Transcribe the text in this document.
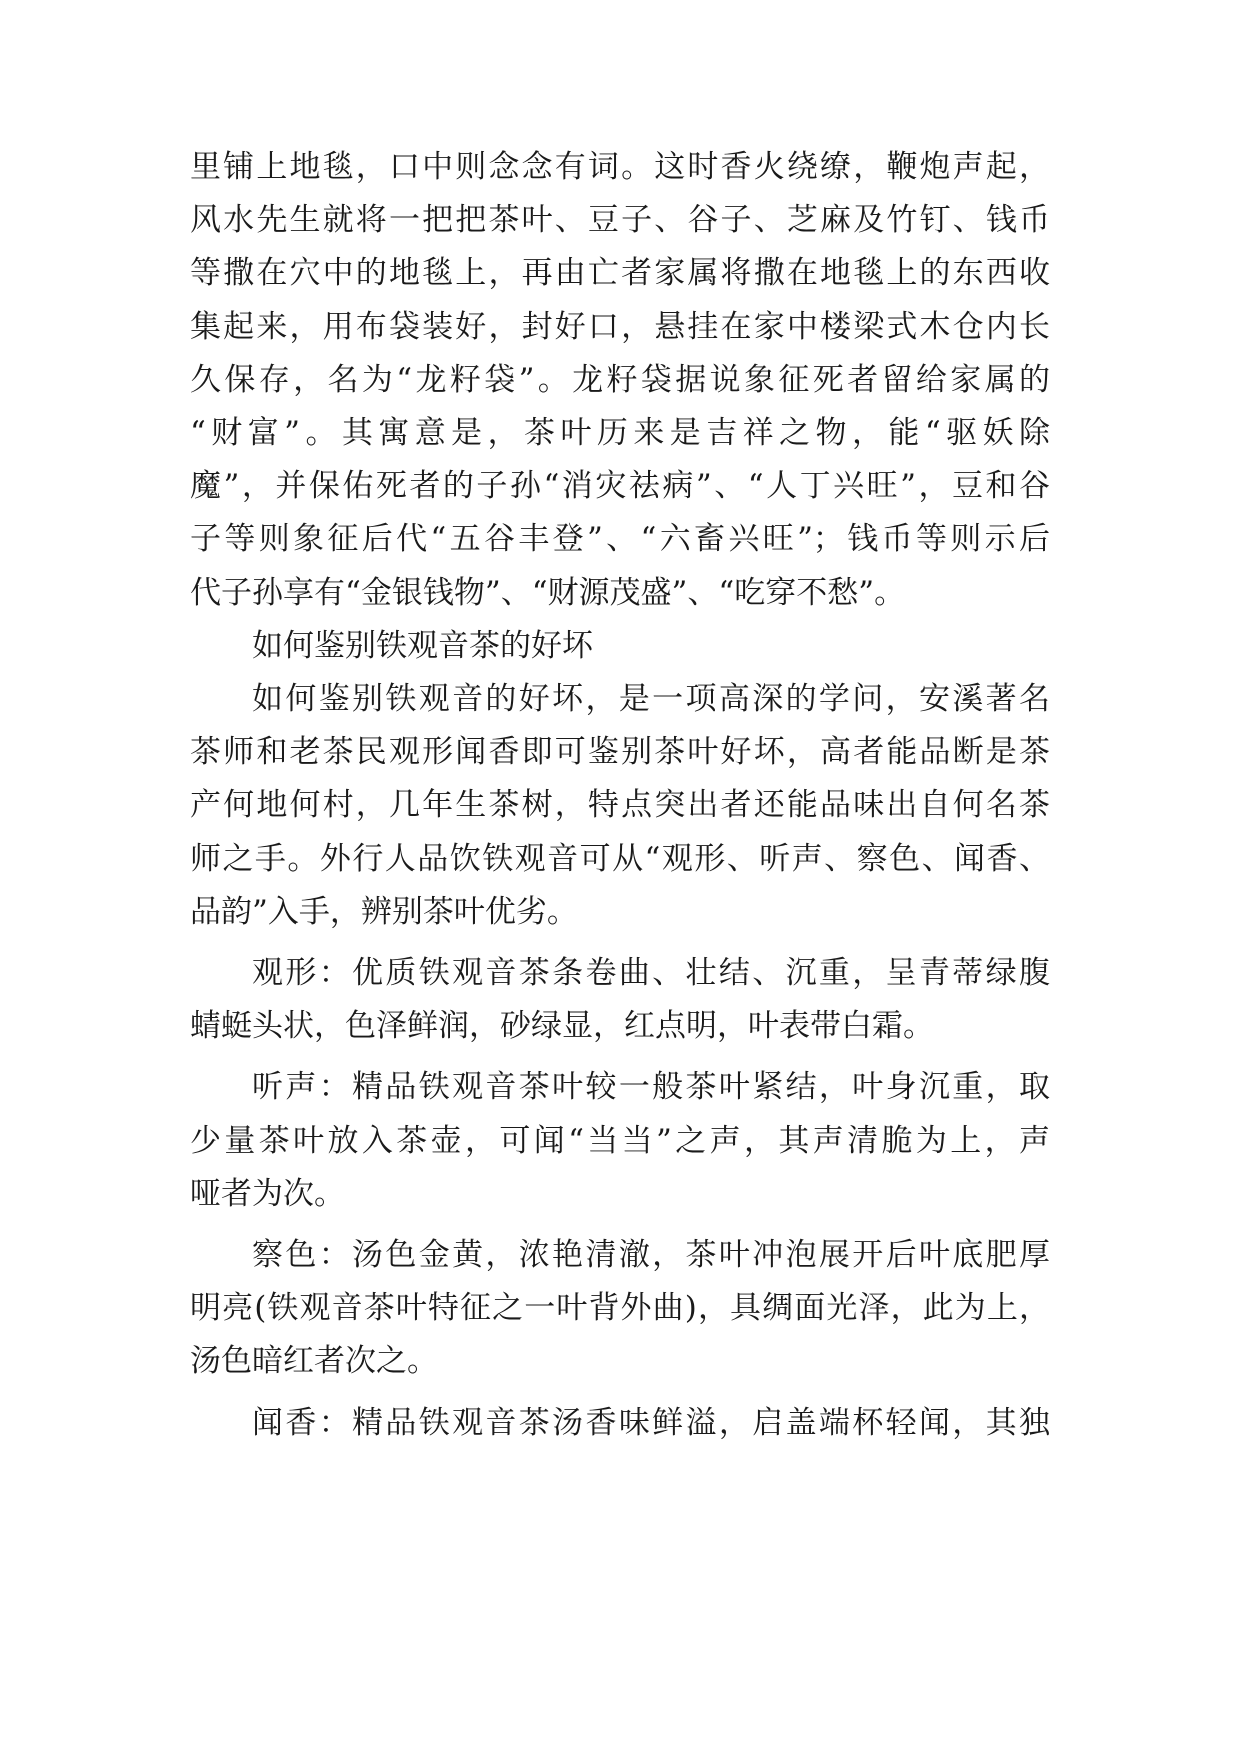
里铺上地毯，口中则念念有词。这时香火绕缭，鞭炮声起，
风水先生就将一把把茶叶、豆子、谷子、芝麻及竹钉、钱币
等撒在穴中的地毯上，再由亡者家属将撒在地毯上的东西收
集起来，用布袋装好，封好口，悬挂在家中楼梁式木仓内长
久保存，名为“龙籽袋”。龙籽袋据说象征死者留给家属的
“财富”。其寓意是，茶叶历来是吉祥之物，能“驱妖除
魔”，并保佑死者的子孙“消灾祛病”、“人丁兴旺”，豆和谷
子等则象征后代“五谷丰登”、“六畜兴旺”；钱币等则示后
代子孙享有“金银钱物”、“财源茂盛”、“吃穿不愁”。
如何鉴别铁观音茶的好坏
如何鉴别铁观音的好坏，是一项高深的学问，安溪著名
茶师和老茶民观形闻香即可鉴别茶叶好坏，高者能品断是茶
产何地何村，几年生茶树，特点突出者还能品味出自何名茶
师之手。外行人品饮铁观音可从“观形、听声、察色、闻香、
品韵”入手，辨别茶叶优劣。
观形：优质铁观音茶条卷曲、壮结、沉重，呈青蒂绿腹
蜻蜓头状，色泽鲜润，砂绿显，红点明，叶表带白霜。
听声：精品铁观音茶叶较一般茶叶紧结，叶身沉重，取
少量茶叶放入茶壶，可闻“当当”之声，其声清脆为上，声
哑者为次。
察色：汤色金黄，浓艳清澈，茶叶冲泡展开后叶底肥厚
明亮(铁观音茶叶特征之一叶背外曲)，具绸面光泽，此为上，
汤色暗红者次之。
闻香：精品铁观音茶汤香味鲜溢，启盖端杯轻闻，其独
